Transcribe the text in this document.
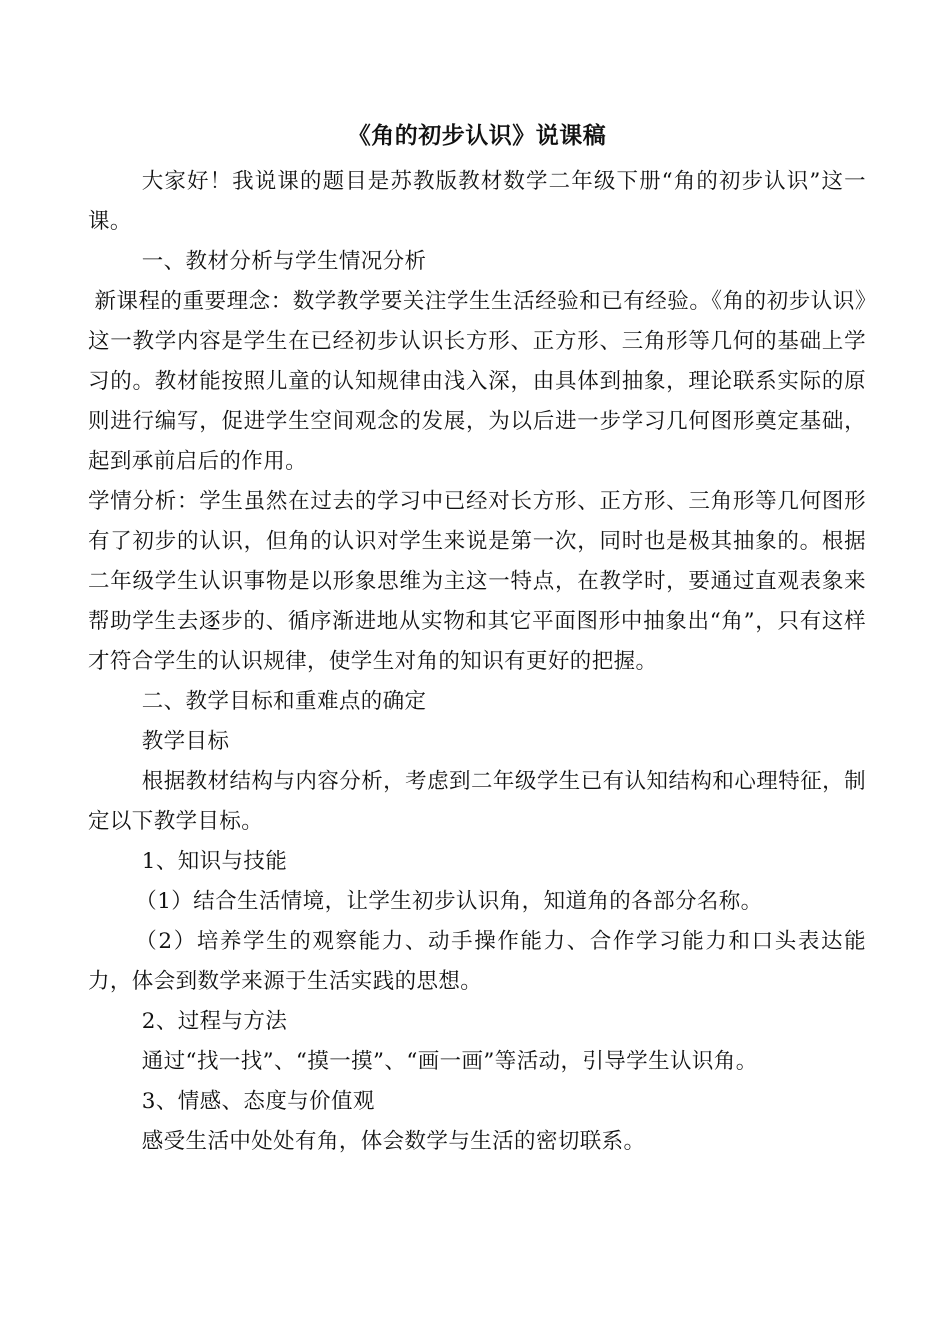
《角的初步认识》说课稿

大家好！我说课的题目是苏教版教材数学二年级下册“角的初步认识”这一课。

一、教材分析与学生情况分析

新课程的重要理念：数学教学要关注学生生活经验和已有经验。《角的初步认识》这一教学内容是学生在已经初步认识长方形、正方形、三角形等几何的基础上学习的。教材能按照儿童的认知规律由浅入深，由具体到抽象，理论联系实际的原则进行编写，促进学生空间观念的发展，为以后进一步学习几何图形奠定基础，起到承前启后的作用。

学情分析：学生虽然在过去的学习中已经对长方形、正方形、三角形等几何图形有了初步的认识，但角的认识对学生来说是第一次，同时也是极其抽象的。根据二年级学生认识事物是以形象思维为主这一特点，在教学时，要通过直观表象来帮助学生去逐步的、循序渐进地从实物和其它平面图形中抽象出“角”，只有这样才符合学生的认识规律，使学生对角的知识有更好的把握。

二、教学目标和重难点的确定

教学目标

根据教材结构与内容分析，考虑到二年级学生已有认知结构和心理特征，制定以下教学目标。

1、知识与技能

（1）结合生活情境，让学生初步认识角，知道角的各部分名称。

（2）培养学生的观察能力、动手操作能力、合作学习能力和口头表达能力，体会到数学来源于生活实践的思想。

2、过程与方法

通过“找一找”、“摸一摸”、“画一画”等活动，引导学生认识角。

3、情感、态度与价值观

感受生活中处处有角，体会数学与生活的密切联系。
